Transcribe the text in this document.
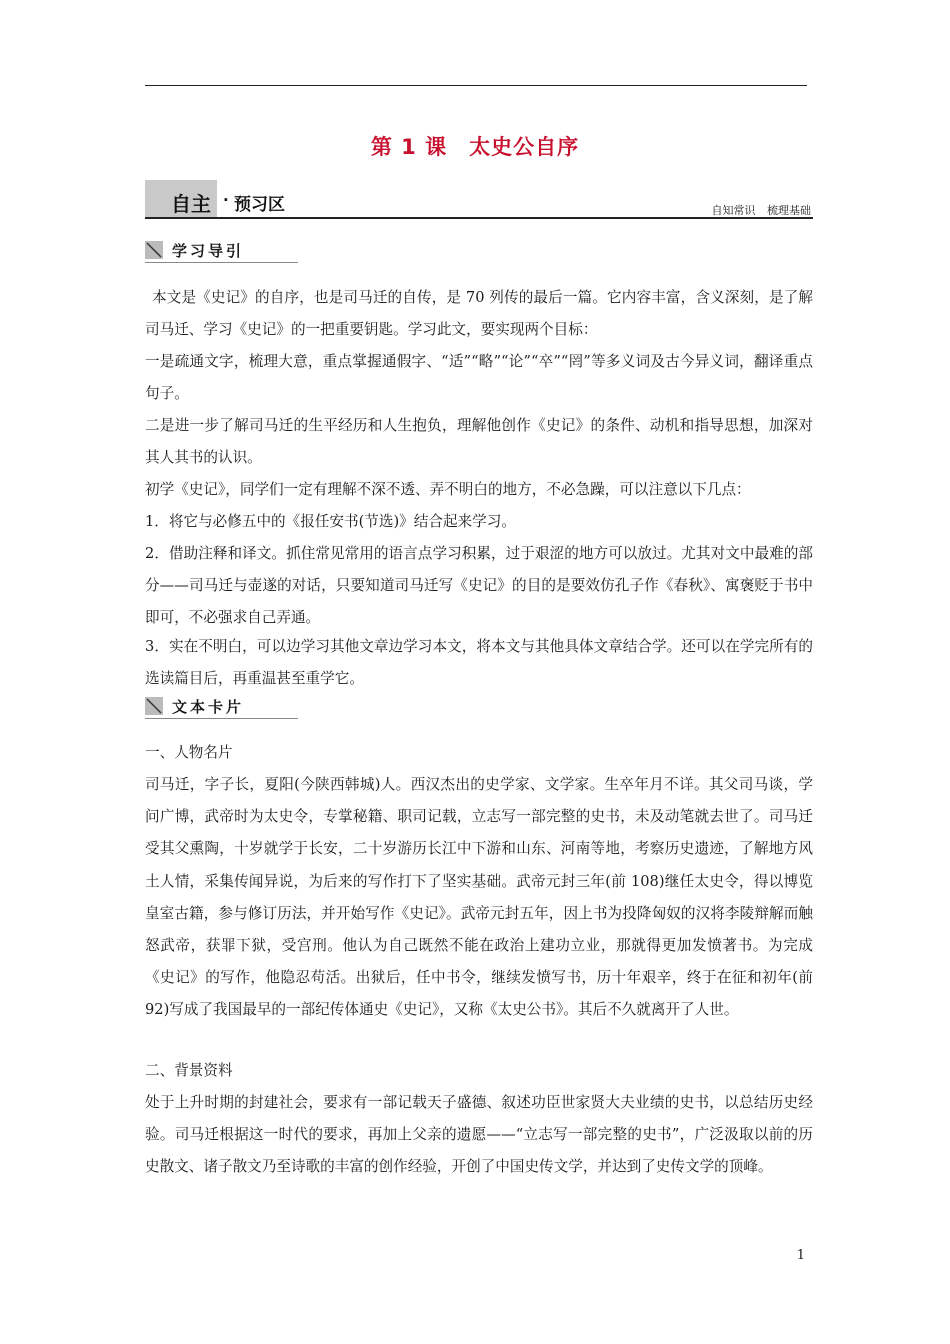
第 1 课　太史公自序
自主 · 预习区	自知常识 梳理基础
学习导引

本文是《史记》的自序，也是司马迁的自传，是 70 列传的最后一篇。它内容丰富，含义深刻，是了解司马迁、学习《史记》的一把重要钥匙。学习此文，要实现两个目标：

一是疏通文字，梳理大意，重点掌握通假字、“适”“略”“论”“卒”“罔”等多义词及古今异义词，翻译重点句子。

二是进一步了解司马迁的生平经历和人生抱负，理解他创作《史记》的条件、动机和指导思想，加深对其人其书的认识。

初学《史记》，同学们一定有理解不深不透、弄不明白的地方，不必急躁，可以注意以下几点：

1．将它与必修五中的《报任安书(节选)》结合起来学习。

2．借助注释和译文。抓住常见常用的语言点学习积累，过于艰涩的地方可以放过。尤其对文中最难的部分——司马迁与壶遂的对话，只要知道司马迁写《史记》的目的是要效仿孔子作《春秋》、寓褒贬于书中即可，不必强求自己弄通。

3．实在不明白，可以边学习其他文章边学习本文，将本文与其他具体文章结合学。还可以在学完所有的选读篇目后，再重温甚至重学它。

文本卡片

一、人物名片

司马迁，字子长，夏阳(今陕西韩城)人。西汉杰出的史学家、文学家。生卒年月不详。其父司马谈，学问广博，武帝时为太史令，专掌秘籍、职司记载，立志写一部完整的史书，未及动笔就去世了。司马迁受其父熏陶，十岁就学于长安，二十岁游历长江中下游和山东、河南等地，考察历史遗迹，了解地方风土人情，采集传闻异说，为后来的写作打下了坚实基础。武帝元封三年(前 108)继任太史令，得以博览皇室古籍，参与修订历法，并开始写作《史记》。武帝元封五年，因上书为投降匈奴的汉将李陵辩解而触怒武帝，获罪下狱，受宫刑。他认为自己既然不能在政治上建功立业，那就得更加发愤著书。为完成《史记》的写作，他隐忍苟活。出狱后，任中书令，继续发愤写书，历十年艰辛，终于在征和初年(前 92)写成了我国最早的一部纪传体通史《史记》，又称《太史公书》。其后不久就离开了人世。

二、背景资料

处于上升时期的封建社会，要求有一部记载天子盛德、叙述功臣世家贤大夫业绩的史书，以总结历史经验。司马迁根据这一时代的要求，再加上父亲的遗愿——“立志写一部完整的史书”，广泛汲取以前的历史散文、诸子散文乃至诗歌的丰富的创作经验，开创了中国史传文学，并达到了史传文学的顶峰。

1
